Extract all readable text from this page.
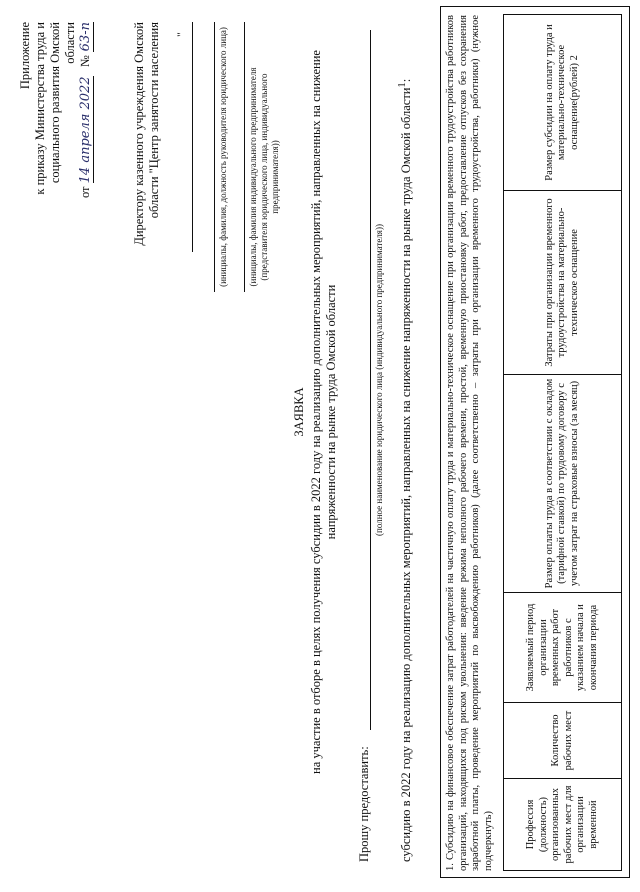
Приложение к приказу Министерства труда и социального развития Омской области
от 14 апреля 2022   № 63-п	Директору казенного учреждения Омской области "Центр занятости населения "	(инициалы, фамилия, должность руководителя юридического лица) (инициалы, фамилия индивидуального предпринимателя (представителя юридического лица, индивидуального предпринимателя))
ЗАЯВКА на участие в отборе в целях получения субсидии в 2022 году на реализацию дополнительных мероприятий, направленных на снижение напряженности на рынке труда Омской области
Прошу предоставить:
(полное наименование юридического лица (индивидуального предпринимателя))	субсидию в 2022 году на реализацию дополнительных мероприятий, направленных на снижение напряженности на рынке труда Омской области$^1$:	1. Субсидию на финансовое обеспечение затрат работодателей на частичную оплату труда и материально-техническое оснащение при организации временного трудоустройства работников организаций, находящихся под риском увольнения: введение режима неполного рабочего времени, простой, временную приостановку работ, предоставление отпусков без сохранения заработной платы, проведение мероприятий по высвобождению работников) (далее соответственно – затраты при организации временного трудоустройства, работники) (нужное подчеркнуть)	Профессия (должность) организованных рабочих мест для организации временной	Количество рабочих мест	Заявляемый период организации временных работ работников с указанием начала и окончания периода	Размер оплаты труда в соответствии с окладом (тарифной ставкой) по трудовому договору с учетом затрат на страховые взносы (за месяц)	Затраты при организации временного трудоустройства на материально-техническое оснащение	Размер субсидии на оплату труда и материально-техническое оснащение(рублей) 2
